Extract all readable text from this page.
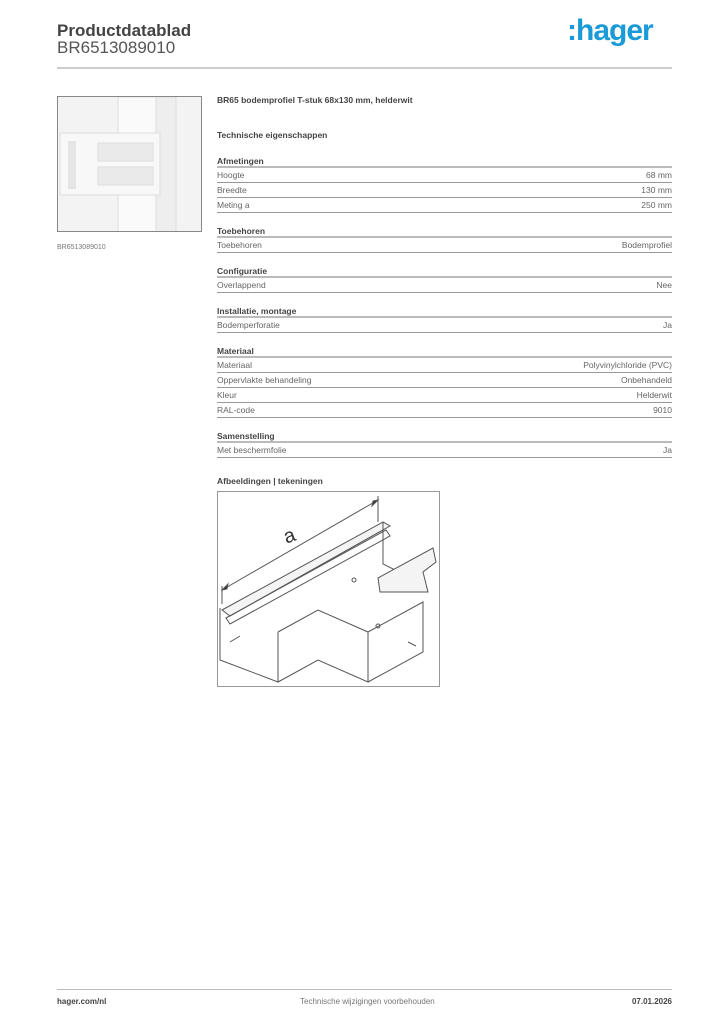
Productdatablad
BR6513089010
:hager
BR6513089010
BR65 bodemprofiel T-stuk 68x130 mm, helderwit
Technische eigenschappen
Afmetingen
Hoogte	68 mm
Breedte	130 mm
Meting a	250 mm
Toebehoren
Toebehoren	Bodemprofiel
Configuratie
Overlappend	Nee
Installatie, montage
Bodemperforatie	Ja
Materiaal
Materiaal	Polyvinylchloride (PVC)
Oppervlakte behandeling	Onbehandeld
Kleur	Helderwit
RAL-code	9010
Samenstelling
Met beschermfolie	Ja
Afbeeldingen | tekeningen
a
hager.com/nl	Technische wijzigingen voorbehouden	07.01.2026
